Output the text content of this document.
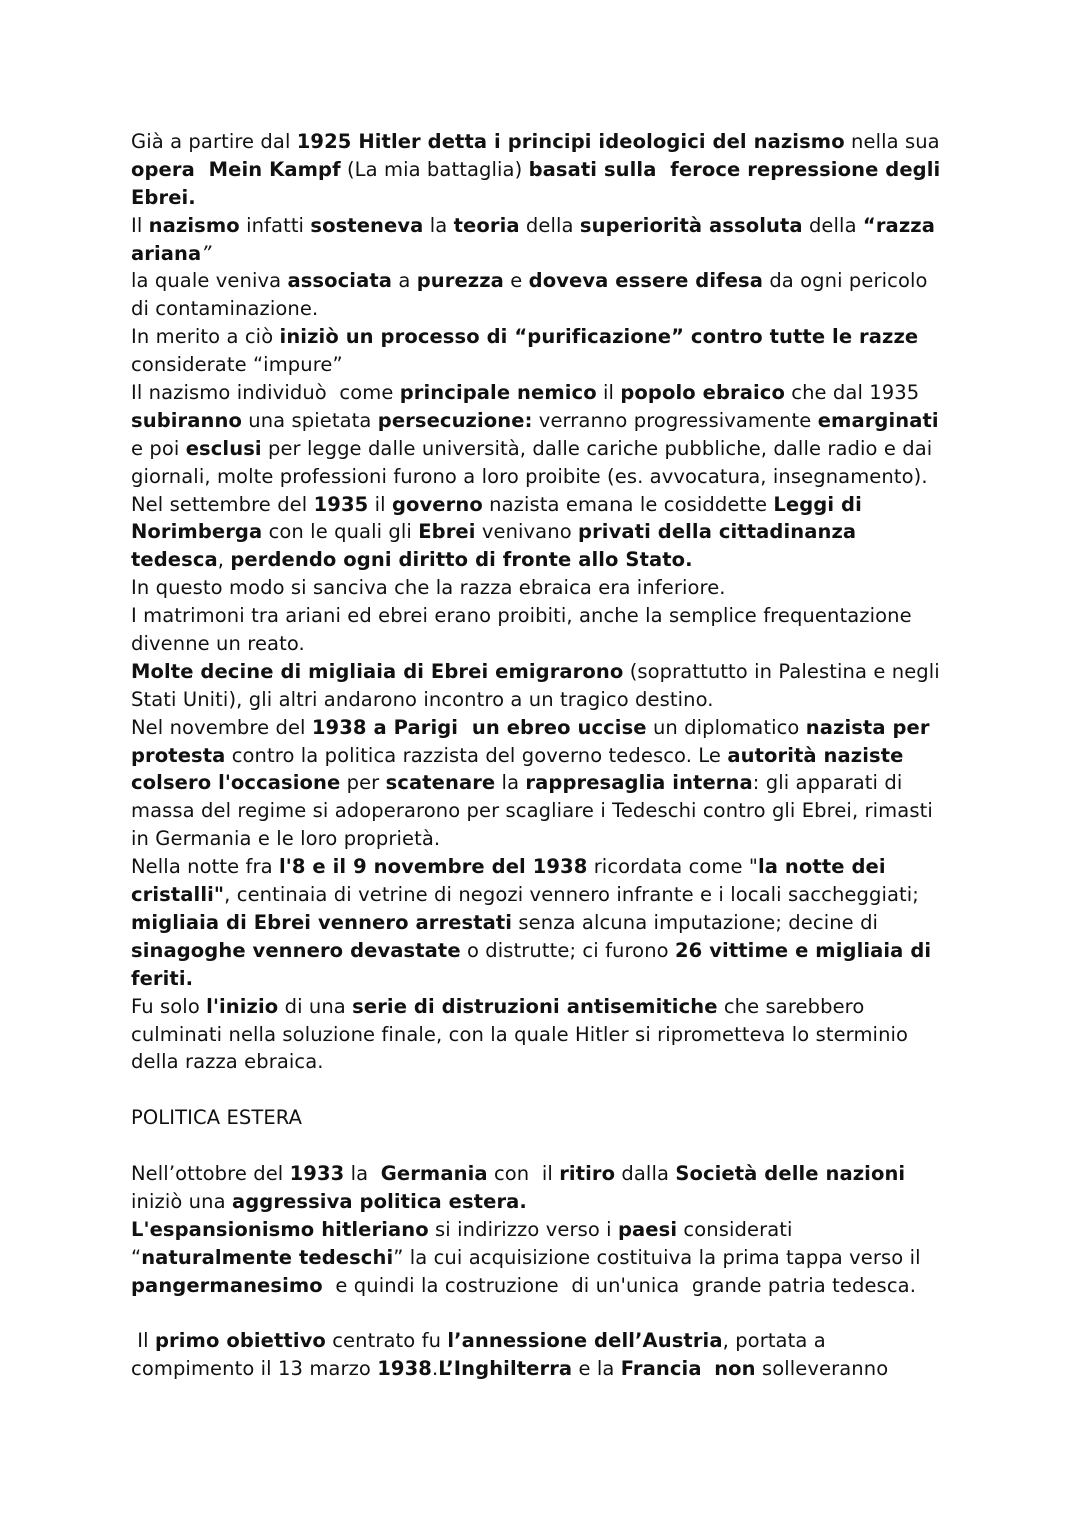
Già a partire dal 1925 Hitler detta i principi ideologici del nazismo nella sua
opera  Mein Kampf (La mia battaglia) basati sulla  feroce repressione degli
Ebrei.
Il nazismo infatti sosteneva la teoria della superiorità assoluta della “razza
ariana”
la quale veniva associata a purezza e doveva essere difesa da ogni pericolo
di contaminazione.
In merito a ciò iniziò un processo di “purificazione” contro tutte le razze
considerate “impure”
Il nazismo individuò  come principale nemico il popolo ebraico che dal 1935
subiranno una spietata persecuzione: verranno progressivamente emarginati
e poi esclusi per legge dalle università, dalle cariche pubbliche, dalle radio e dai
giornali, molte professioni furono a loro proibite (es. avvocatura, insegnamento).
Nel settembre del 1935 il governo nazista emana le cosiddette Leggi di
Norimberga con le quali gli Ebrei venivano privati della cittadinanza
tedesca, perdendo ogni diritto di fronte allo Stato.
In questo modo si sanciva che la razza ebraica era inferiore.
I matrimoni tra ariani ed ebrei erano proibiti, anche la semplice frequentazione
divenne un reato.
Molte decine di migliaia di Ebrei emigrarono (soprattutto in Palestina e negli
Stati Uniti), gli altri andarono incontro a un tragico destino.
Nel novembre del 1938 a Parigi  un ebreo uccise un diplomatico nazista per
protesta contro la politica razzista del governo tedesco. Le autorità naziste
colsero l'occasione per scatenare la rappresaglia interna: gli apparati di
massa del regime si adoperarono per scagliare i Tedeschi contro gli Ebrei, rimasti
in Germania e le loro proprietà.
Nella notte fra l'8 e il 9 novembre del 1938 ricordata come "la notte dei
cristalli", centinaia di vetrine di negozi vennero infrante e i locali saccheggiati;
migliaia di Ebrei vennero arrestati senza alcuna imputazione; decine di
sinagoghe vennero devastate o distrutte; ci furono 26 vittime e migliaia di
feriti.
Fu solo l'inizio di una serie di distruzioni antisemitiche che sarebbero
culminati nella soluzione finale, con la quale Hitler si riprometteva lo sterminio
della razza ebraica.
POLITICA ESTERA
Nell’ottobre del 1933 la  Germania con  il ritiro dalla Società delle nazioni
iniziò una aggressiva politica estera.
L'espansionismo hitleriano si indirizzo verso i paesi considerati
“naturalmente tedeschi” la cui acquisizione costituiva la prima tappa verso il
pangermanesimo  e quindi la costruzione  di un'unica  grande patria tedesca.
Il primo obiettivo centrato fu l’annessione dell’Austria, portata a
compimento il 13 marzo 1938.L’Inghilterra e la Francia non solleveranno
